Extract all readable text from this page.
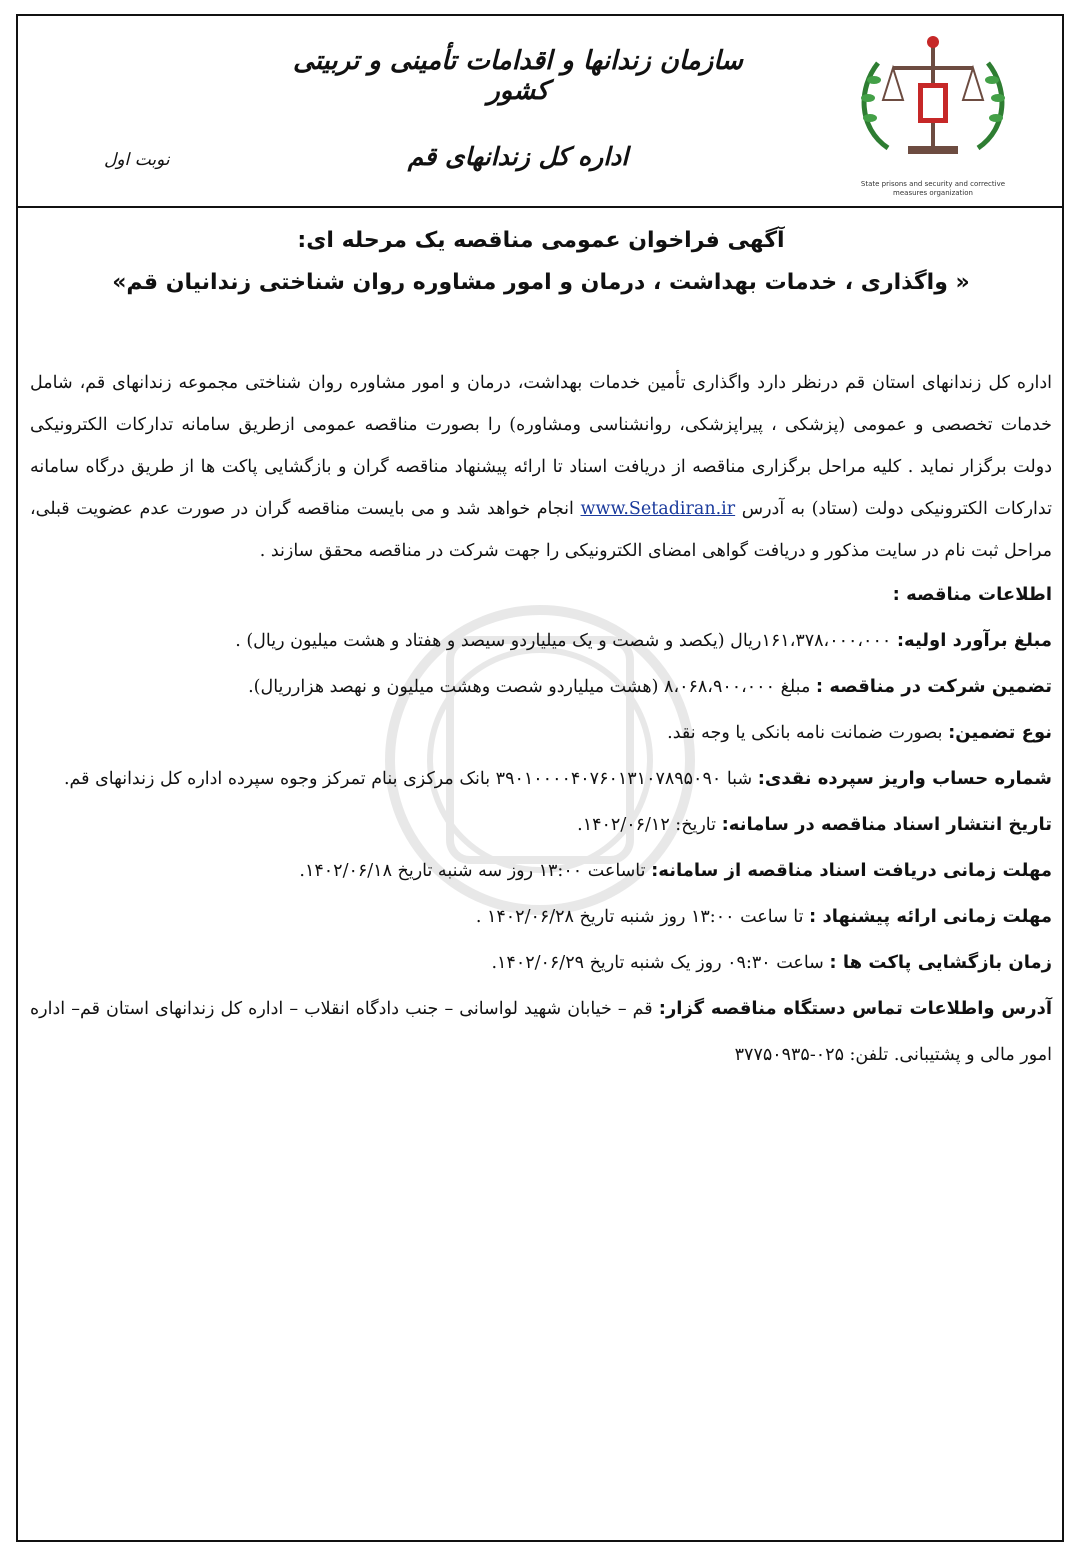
سازمان زندانها و اقدامات تأمینی و تربیتی کشور
اداره کل زندانهای قم
نوبت اول
State prisons and security and corrective measures organization
آگهی فراخوان عمومی مناقصه یک مرحله ای:
« واگذاری ، خدمات بهداشت ، درمان و امور مشاوره روان شناختی زندانیان قم»

اداره کل زندانهای استان قم درنظر دارد واگذاری تأمین خدمات بهداشت، درمان و امور مشاوره روان شناختی مجموعه زندانهای قم، شامل خدمات تخصصی و عمومی (پزشکی ، پیراپزشکی، روانشناسی ومشاوره) را بصورت مناقصه عمومی ازطریق سامانه تدارکات الکترونیکی دولت برگزار نماید . کلیه مراحل برگزاری مناقصه از دریافت اسناد تا ارائه پیشنهاد مناقصه گران و بازگشایی پاکت ها از طریق درگاه سامانه تدارکات الکترونیکی دولت (ستاد) به آدرس www.Setadiran.ir انجام خواهد شد و می بایست مناقصه گران در صورت عدم عضویت قبلی، مراحل ثبت نام در سایت مذکور و دریافت گواهی امضای الکترونیکی را جهت شرکت در مناقصه محقق سازند .

اطلاعات مناقصه :

مبلغ برآورد اولیه: ۱۶۱،۳۷۸،۰۰۰،۰۰۰ریال (یکصد و شصت و یک میلیاردو سیصد و هفتاد و هشت میلیون ریال) .

تضمین شرکت در مناقصه : مبلغ ۸،۰۶۸،۹۰۰،۰۰۰ (هشت میلیاردو شصت وهشت میلیون و نهصد هزارریال).

نوع تضمین: بصورت ضمانت نامه بانکی یا وجه نقد.

شماره حساب واریز سپرده نقدی: شبا ۳۹۰۱۰۰۰۰۴۰۷۶۰۱۳۱۰۷۸۹۵۰۹۰ بانک مرکزی بنام تمرکز وجوه سپرده اداره کل زندانهای قم.

تاریخ انتشار اسناد مناقصه در سامانه: تاریخ: ۱۴۰۲/۰۶/۱۲.

مهلت زمانی دریافت اسناد مناقصه از سامانه: تاساعت ۱۳:۰۰ روز سه شنبه تاریخ ۱۴۰۲/۰۶/۱۸.

مهلت زمانی ارائه پیشنهاد : تا ساعت ۱۳:۰۰ روز شنبه تاریخ ۱۴۰۲/۰۶/۲۸ .

زمان بازگشایی پاکت ها : ساعت ۰۹:۳۰ روز یک شنبه تاریخ ۱۴۰۲/۰۶/۲۹.

آدرس واطلاعات تماس دستگاه مناقصه گزار: قم – خیابان شهید لواسانی – جنب دادگاه انقلاب – اداره کل زندانهای استان قم– اداره امور مالی و پشتیبانی. تلفن: ۰۲۵-۳۷۷۵۰۹۳۵
